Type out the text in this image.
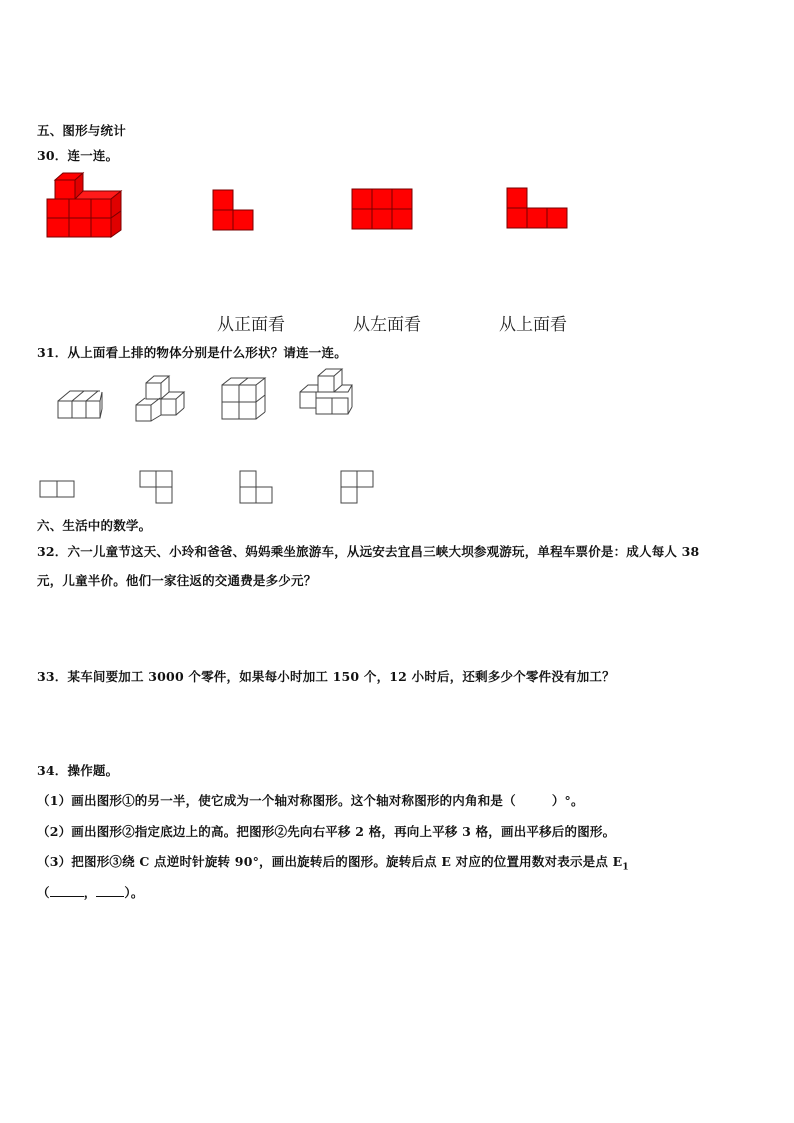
五、图形与统计
30．连一连。
从正面看	从左面看	从上面看
31．从上面看上排的物体分别是什么形状？请连一连。
六、生活中的数学。
32．六一儿童节这天、小玲和爸爸、妈妈乘坐旅游车，从远安去宜昌三峡大坝参观游玩，单程车票价是：成人每人 38
元，儿童半价。他们一家往返的交通费是多少元？
33．某车间要加工 3000 个零件，如果每小时加工 150 个，12 小时后，还剩多少个零件没有加工？
34．操作题。
（1）画出图形①的另一半，使它成为一个轴对称图形。这个轴对称图形的内角和是（	）°。
（2）画出图形②指定底边上的高。把图形②先向右平移 2 格，再向上平移 3 格，画出平移后的图形。
（3）把图形③绕 C 点逆时针旋转 90°，画出旋转后的图形。旋转后点 E 对应的位置用数对表示是点 $E_1$
（	， ）。
